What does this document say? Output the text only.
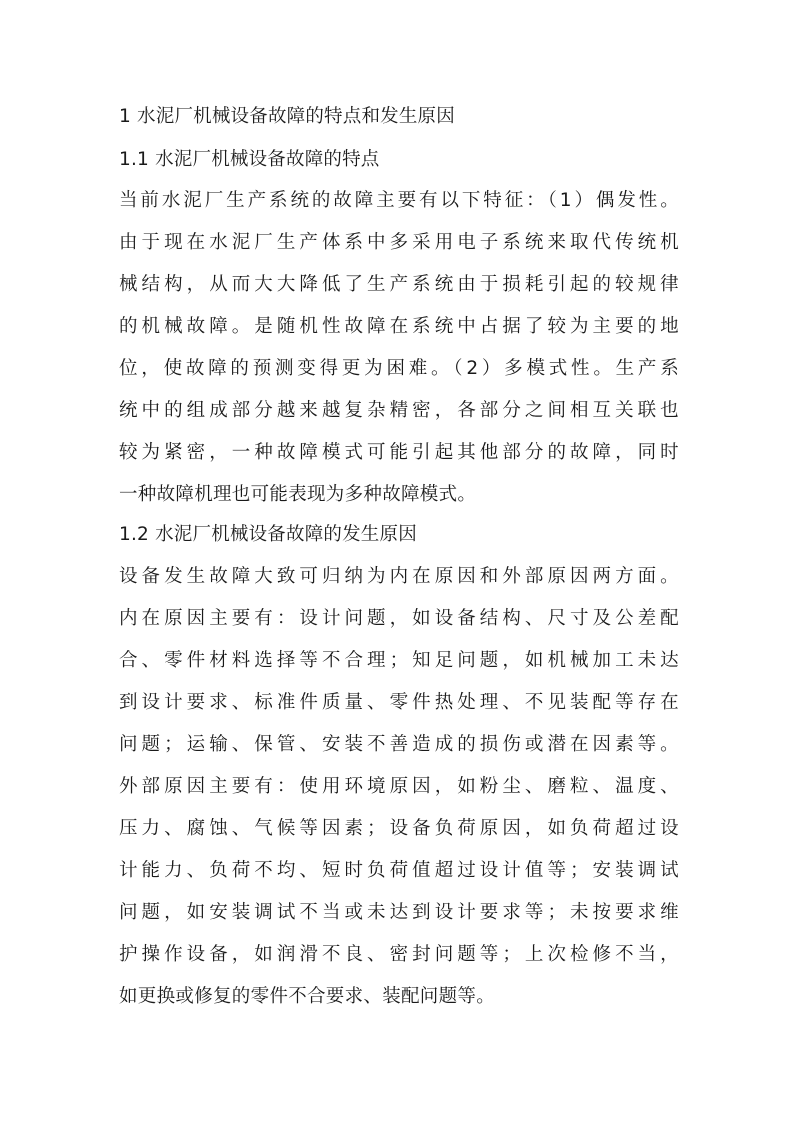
1 水泥厂机械设备故障的特点和发生原因
1.1 水泥厂机械设备故障的特点
当前水泥厂生产系统的故障主要有以下特征：（1）偶发性。
由于现在水泥厂生产体系中多采用电子系统来取代传统机
械结构，从而大大降低了生产系统由于损耗引起的较规律
的机械故障。是随机性故障在系统中占据了较为主要的地
位，使故障的预测变得更为困难。（2）多模式性。生产系
统中的组成部分越来越复杂精密，各部分之间相互关联也
较为紧密，一种故障模式可能引起其他部分的故障，同时
一种故障机理也可能表现为多种故障模式。
1.2 水泥厂机械设备故障的发生原因
设备发生故障大致可归纳为内在原因和外部原因两方面。
内在原因主要有：设计问题，如设备结构、尺寸及公差配
合、零件材料选择等不合理；知足问题，如机械加工未达
到设计要求、标准件质量、零件热处理、不见装配等存在
问题；运输、保管、安装不善造成的损伤或潜在因素等。
外部原因主要有：使用环境原因，如粉尘、磨粒、温度、
压力、腐蚀、气候等因素；设备负荷原因，如负荷超过设
计能力、负荷不均、短时负荷值超过设计值等；安装调试
问题，如安装调试不当或未达到设计要求等；未按要求维
护操作设备，如润滑不良、密封问题等；上次检修不当，
如更换或修复的零件不合要求、装配问题等。
